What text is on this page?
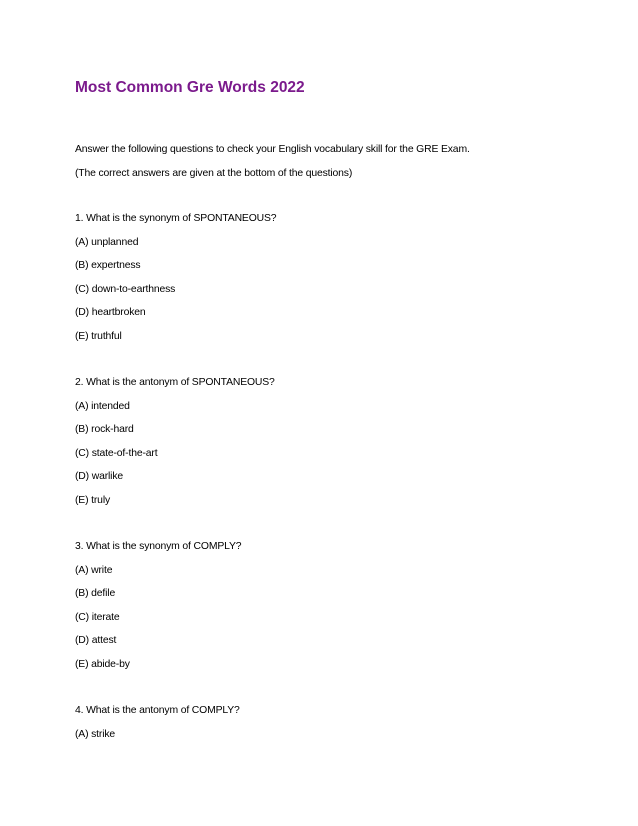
Most Common Gre Words 2022

Answer the following questions to check your English vocabulary skill for the GRE Exam.

(The correct answers are given at the bottom of the questions)

1. What is the synonym of SPONTANEOUS?

(A) unplanned

(B) expertness

(C) down-to-earthness

(D) heartbroken

(E) truthful

2. What is the antonym of SPONTANEOUS?

(A) intended

(B) rock-hard

(C) state-of-the-art

(D) warlike

(E) truly

3. What is the synonym of COMPLY?

(A) write

(B) defile

(C) iterate

(D) attest

(E) abide-by

4. What is the antonym of COMPLY?

(A) strike
